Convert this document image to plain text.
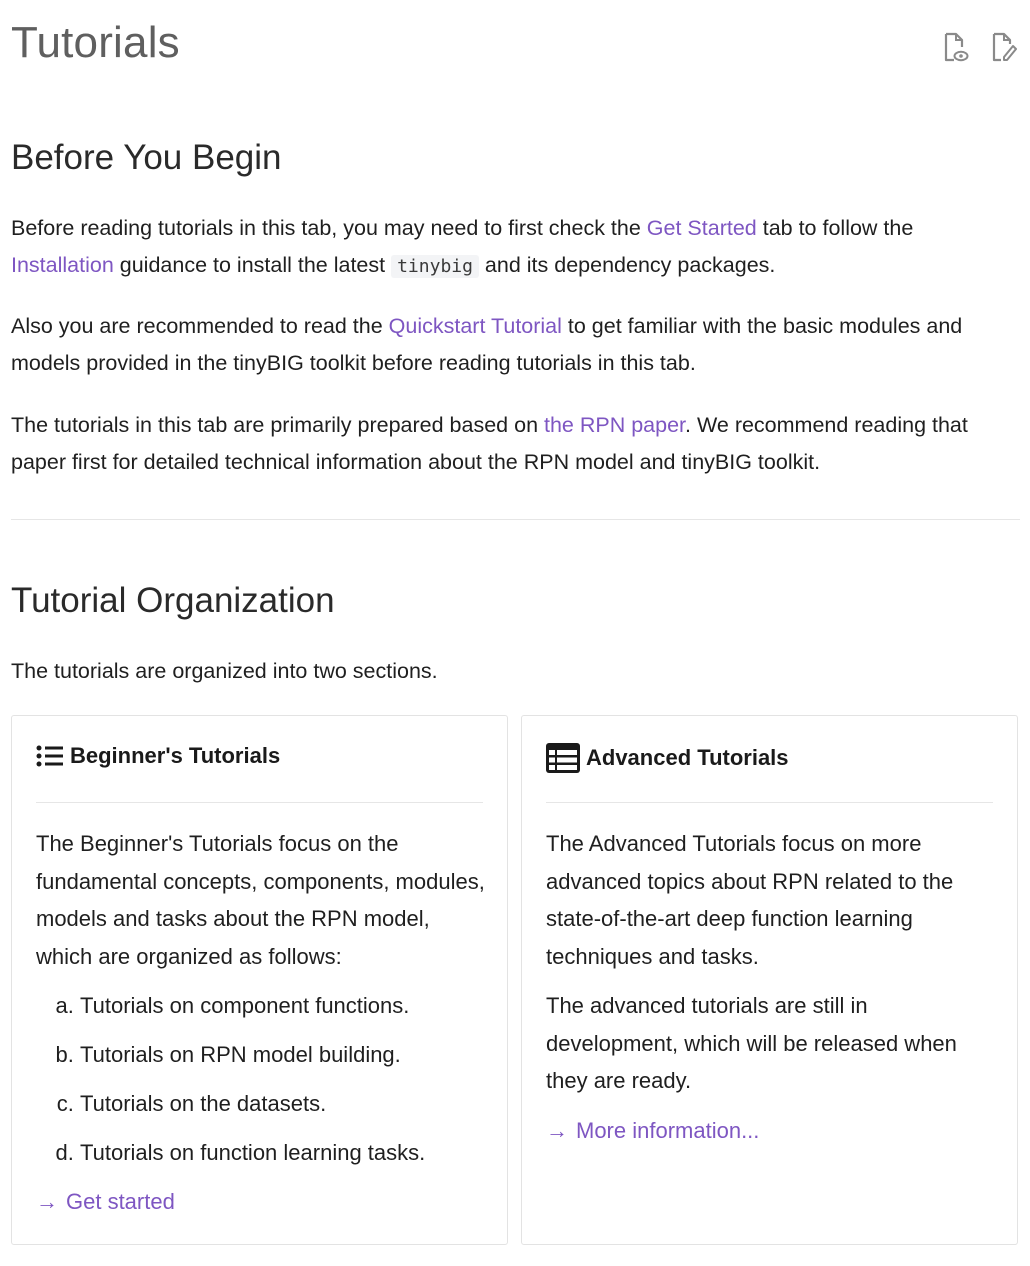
Tutorials
Before You Begin

Before reading tutorials in this tab, you may need to first check the Get Started tab to follow the Installation guidance to install the latest tinybig and its dependency packages.

Also you are recommended to read the Quickstart Tutorial to get familiar with the basic modules and models provided in the tinyBIG toolkit before reading tutorials in this tab.

The tutorials in this tab are primarily prepared based on the RPN paper. We recommend reading that paper first for detailed technical information about the RPN model and tinyBIG toolkit.

Tutorial Organization

The tutorials are organized into two sections.

Beginner's Tutorials

The Beginner's Tutorials focus on the fundamental concepts, components, modules, models and tasks about the RPN model, which are organized as follows:

a. Tutorials on component functions.
b. Tutorials on RPN model building.
c. Tutorials on the datasets.
d. Tutorials on function learning tasks.
→ Get started
Advanced Tutorials

The Advanced Tutorials focus on more advanced topics about RPN related to the state-of-the-art deep function learning techniques and tasks.

The advanced tutorials are still in development, which will be released when they are ready.

→ More information...
